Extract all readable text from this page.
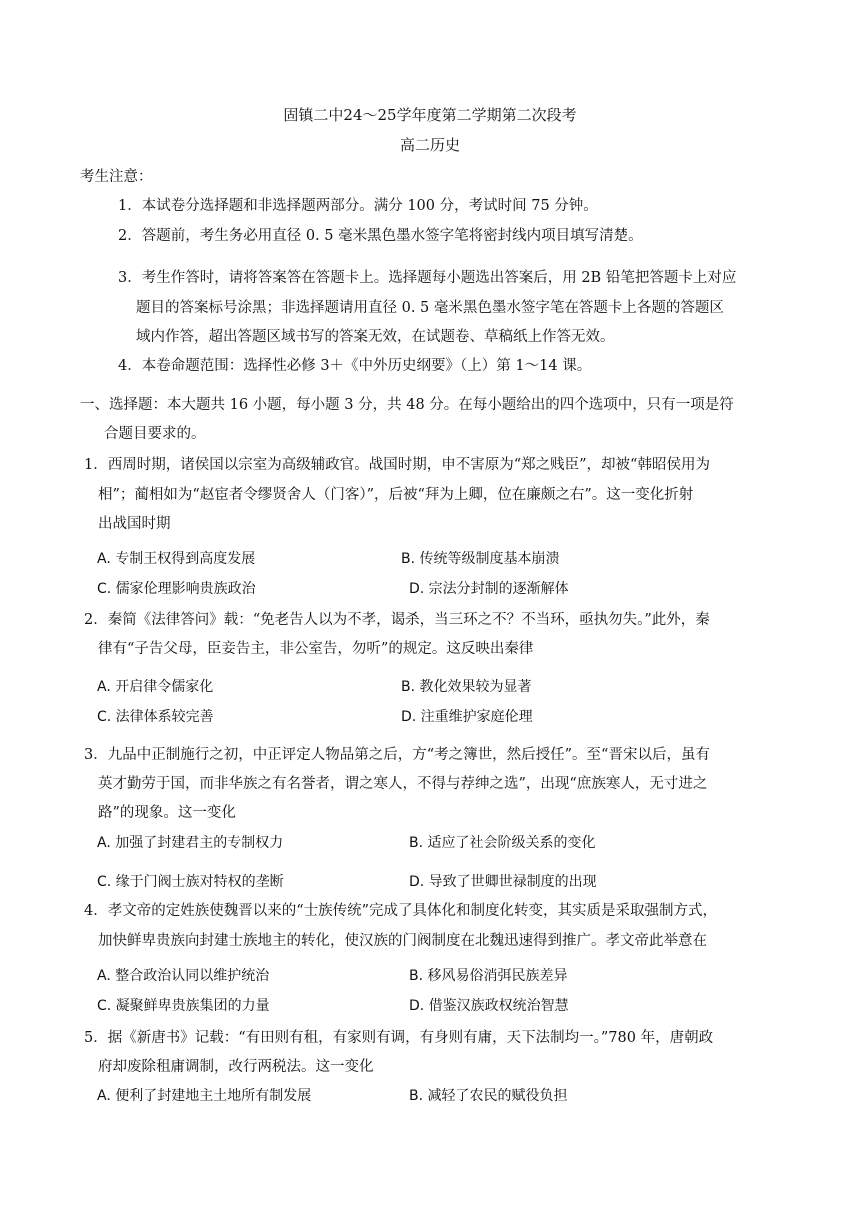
固镇二中24～25学年度第二学期第二次段考
高二历史
考生注意：
1．本试卷分选择题和非选择题两部分。满分 100 分，考试时间 75 分钟。
2．答题前，考生务必用直径 0. 5 毫米黑色墨水签字笔将密封线内项目填写清楚。
3．考生作答时，请将答案答在答题卡上。选择题每小题选出答案后，用 2B 铅笔把答题卡上对应
题目的答案标号涂黑；非选择题请用直径 0. 5 毫米黑色墨水签字笔在答题卡上各题的答题区
域内作答，超出答题区域书写的答案无效，在试题卷、草稿纸上作答无效。
4．本卷命题范围：选择性必修 3＋《中外历史纲要》（上）第 1～14 课。
一、选择题：本大题共 16 小题，每小题 3 分，共 48 分。在每小题给出的四个选项中，只有一项是符
合题目要求的。
1．西周时期，诸侯国以宗室为高级辅政官。战国时期，申不害原为“郑之贱臣”，却被“韩昭侯用为
相”；蔺相如为“赵宦者令缪贤舍人（门客）”，后被“拜为上卿，位在廉颇之右”。这一变化折射
出战国时期
A. 专制王权得到高度发展	B. 传统等级制度基本崩溃
C. 儒家伦理影响贵族政治	D. 宗法分封制的逐渐解体
2．秦简《法律答问》载：“免老告人以为不孝，谒杀，当三环之不？不当环，亟执勿失。”此外，秦
律有“子告父母，臣妾告主，非公室告，勿听”的规定。这反映出秦律
A. 开启律令儒家化	B. 教化效果较为显著
C. 法律体系较完善	D. 注重维护家庭伦理
3．九品中正制施行之初，中正评定人物品第之后，方“考之簿世，然后授任”。至“晋宋以后，虽有
英才勤劳于国，而非华族之有名誉者，谓之寒人，不得与荐绅之选”，出现“庶族寒人，无寸进之
路”的现象。这一变化
A. 加强了封建君主的专制权力	B. 适应了社会阶级关系的变化
C. 缘于门阀士族对特权的垄断	D. 导致了世卿世禄制度的出现
4．孝文帝的定姓族使魏晋以来的“士族传统”完成了具体化和制度化转变，其实质是采取强制方式，
加快鲜卑贵族向封建士族地主的转化，使汉族的门阀制度在北魏迅速得到推广。孝文帝此举意在
A. 整合政治认同以维护统治	B. 移风易俗消弭民族差异
C. 凝聚鲜卑贵族集团的力量	D. 借鉴汉族政权统治智慧
5．据《新唐书》记载：“有田则有租，有家则有调，有身则有庸，天下法制均一。”780 年，唐朝政
府却废除租庸调制，改行两税法。这一变化
A. 便利了封建地主土地所有制发展	B. 减轻了农民的赋役负担
